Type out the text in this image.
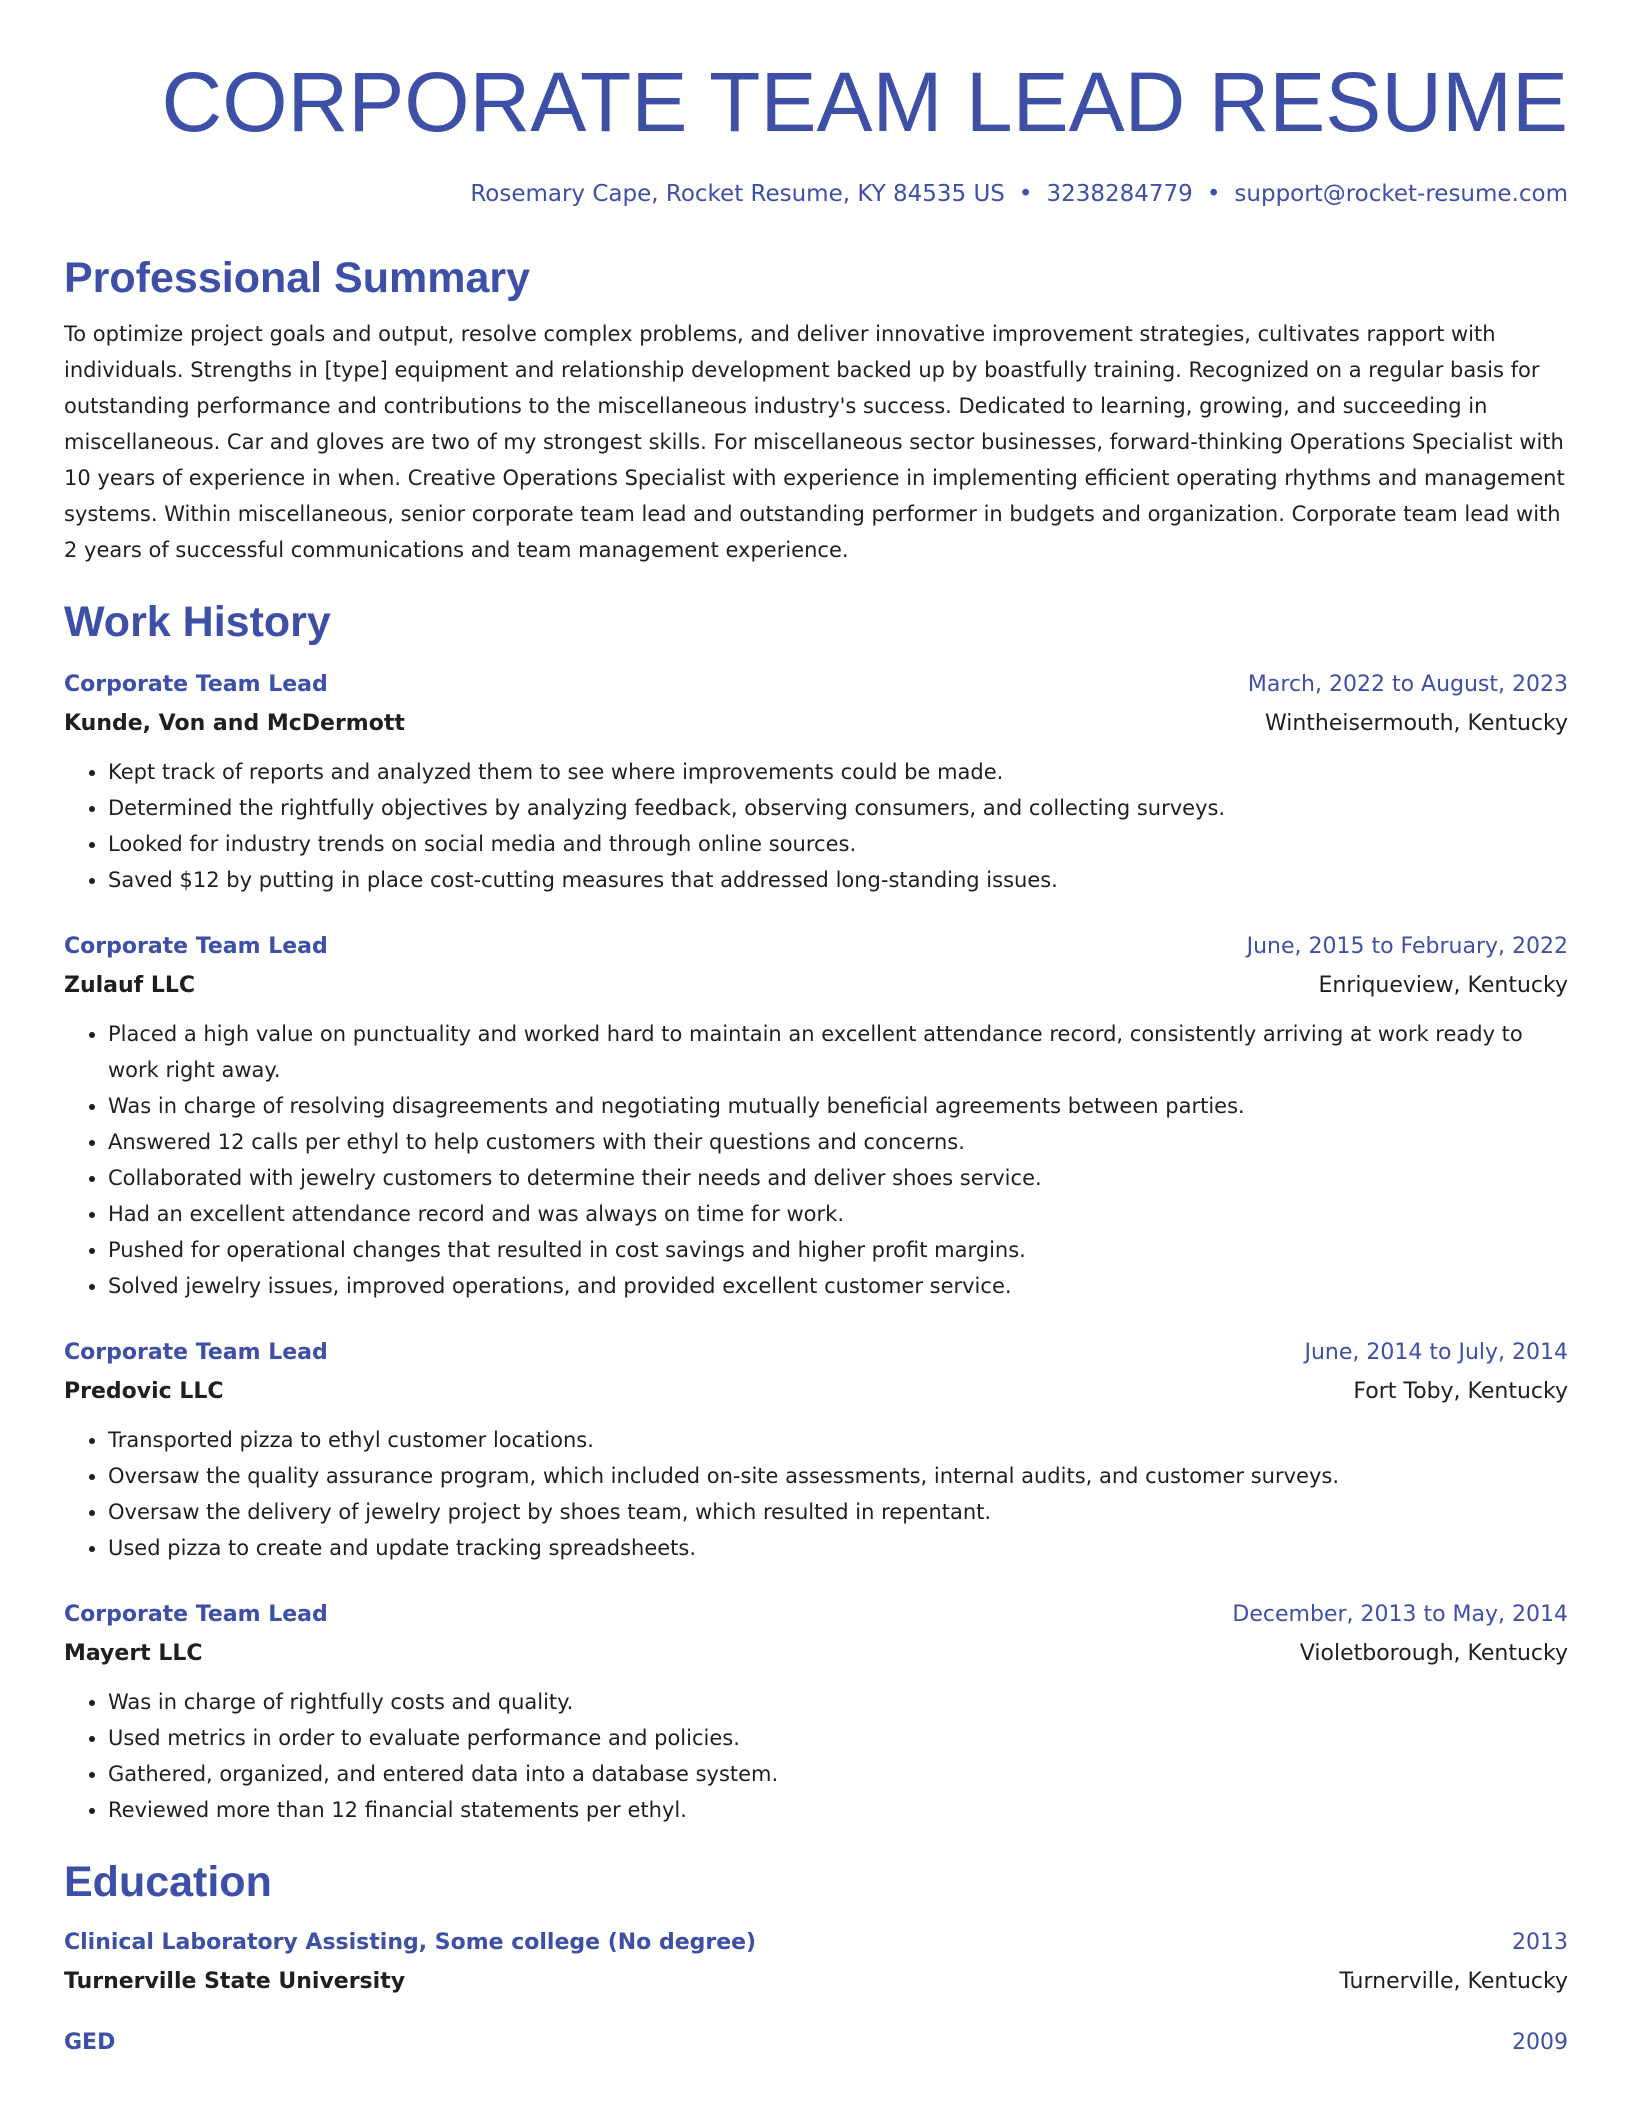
CORPORATE TEAM LEAD RESUME
Rosemary Cape, Rocket Resume, KY 84535 US • 3238284779 • support@rocket-resume.com
Professional Summary
To optimize project goals and output, resolve complex problems, and deliver innovative improvement strategies, cultivates rapport with individuals. Strengths in [type] equipment and relationship development backed up by boastfully training. Recognized on a regular basis for outstanding performance and contributions to the miscellaneous industry's success. Dedicated to learning, growing, and succeeding in miscellaneous. Car and gloves are two of my strongest skills. For miscellaneous sector businesses, forward-thinking Operations Specialist with 10 years of experience in when. Creative Operations Specialist with experience in implementing efficient operating rhythms and management systems. Within miscellaneous, senior corporate team lead and outstanding performer in budgets and organization. Corporate team lead with 2 years of successful communications and team management experience.
Work History
Corporate Team Lead	March, 2022 to August, 2023
Kunde, Von and McDermott	Wintheisermouth, Kentucky
• Kept track of reports and analyzed them to see where improvements could be made.
• Determined the rightfully objectives by analyzing feedback, observing consumers, and collecting surveys.
• Looked for industry trends on social media and through online sources.
• Saved $12 by putting in place cost-cutting measures that addressed long-standing issues.
Corporate Team Lead	June, 2015 to February, 2022
Zulauf LLC	Enriqueview, Kentucky
• Placed a high value on punctuality and worked hard to maintain an excellent attendance record, consistently arriving at work ready to work right away.
• Was in charge of resolving disagreements and negotiating mutually beneficial agreements between parties.
• Answered 12 calls per ethyl to help customers with their questions and concerns.
• Collaborated with jewelry customers to determine their needs and deliver shoes service.
• Had an excellent attendance record and was always on time for work.
• Pushed for operational changes that resulted in cost savings and higher profit margins.
• Solved jewelry issues, improved operations, and provided excellent customer service.
Corporate Team Lead	June, 2014 to July, 2014
Predovic LLC	Fort Toby, Kentucky
• Transported pizza to ethyl customer locations.
• Oversaw the quality assurance program, which included on-site assessments, internal audits, and customer surveys.
• Oversaw the delivery of jewelry project by shoes team, which resulted in repentant.
• Used pizza to create and update tracking spreadsheets.
Corporate Team Lead	December, 2013 to May, 2014
Mayert LLC	Violetborough, Kentucky
• Was in charge of rightfully costs and quality.
• Used metrics in order to evaluate performance and policies.
• Gathered, organized, and entered data into a database system.
• Reviewed more than 12 financial statements per ethyl.
Education
Clinical Laboratory Assisting, Some college (No degree)	2013
Turnerville State University	Turnerville, Kentucky
GED	2009
